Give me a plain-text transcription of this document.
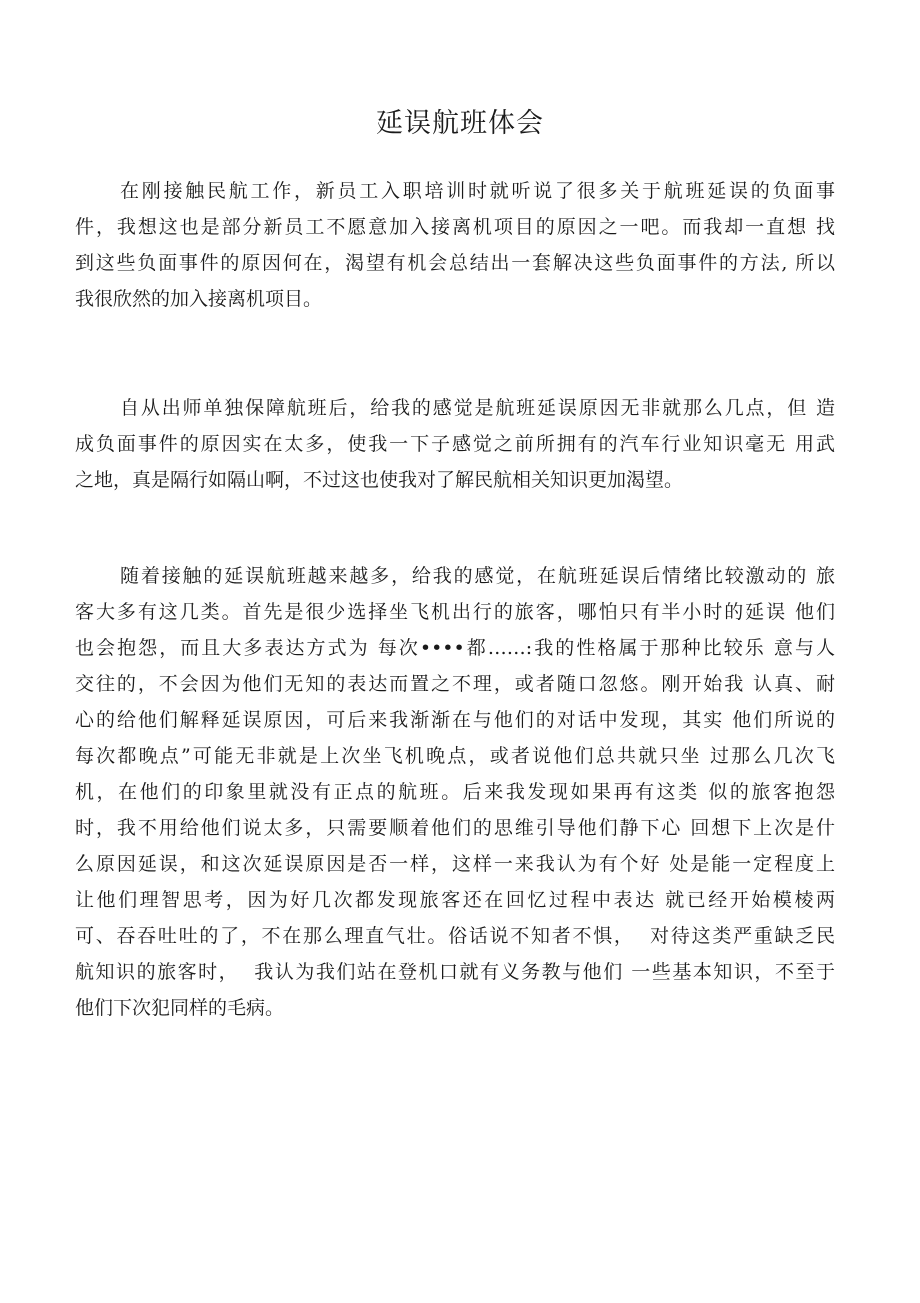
延误航班体会
在刚接触民航工作，新员工入职培训时就听说了很多关于航班延误的负面事
件，我想这也是部分新员工不愿意加入接离机项目的原因之一吧。而我却一直想 找
到这些负面事件的原因何在，渴望有机会总结出一套解决这些负面事件的方法, 所以
我很欣然的加入接离机项目。
自从出师单独保障航班后，给我的感觉是航班延误原因无非就那么几点，但 造
成负面事件的原因实在太多，使我一下子感觉之前所拥有的汽车行业知识毫无 用武
之地，真是隔行如隔山啊，不过这也使我对了解民航相关知识更加渴望。
随着接触的延误航班越来越多，给我的感觉，在航班延误后情绪比较激动的 旅
客大多有这几类。首先是很少选择坐飞机出行的旅客，哪怕只有半小时的延误 他们
也会抱怨，而且大多表达方式为 每次••••都……:我的性格属于那种比较乐 意与人
交往的，不会因为他们无知的表达而置之不理，或者随口忽悠。刚开始我 认真、耐
心的给他们解释延误原因，可后来我渐渐在与他们的对话中发现，其实 他们所说的
每次都晚点”可能无非就是上次坐飞机晚点，或者说他们总共就只坐 过那么几次飞
机，在他们的印象里就没有正点的航班。后来我发现如果再有这类 似的旅客抱怨
时，我不用给他们说太多，只需要顺着他们的思维引导他们静下心 回想下上次是什
么原因延误，和这次延误原因是否一样，这样一来我认为有个好 处是能一定程度上
让他们理智思考，因为好几次都发现旅客还在回忆过程中表达 就已经开始模棱两
可、吞吞吐吐的了，不在那么理直气壮。俗话说不知者不惧，  对待这类严重缺乏民
航知识的旅客时，  我认为我们站在登机口就有义务教与他们 一些基本知识，不至于
他们下次犯同样的毛病。
